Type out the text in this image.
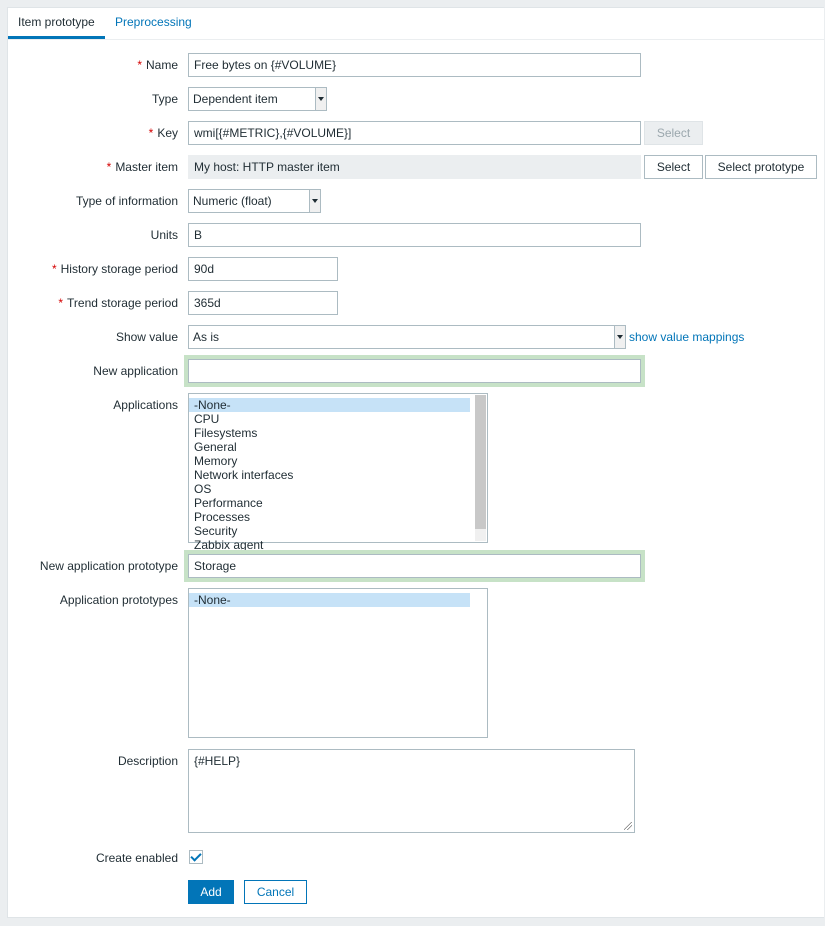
Item prototype	Preprocessing
* Name	Free bytes on {#VOLUME}
Type	Dependent item
* Key	wmi[{#METRIC},{#VOLUME}]	Select
* Master item	My host: HTTP master item	Select	Select prototype
Type of information	Numeric (float)
Units	B
* History storage period	90d
* Trend storage period	365d
Show value	As is	show value mappings
New application
Applications	-None-
CPU
Filesystems
General
Memory
Network interfaces
OS
Performance
Processes
Security
Zabbix agent
New application prototype	Storage
Application prototypes	-None-
Description	{#HELP}
Create enabled
Add	Cancel
